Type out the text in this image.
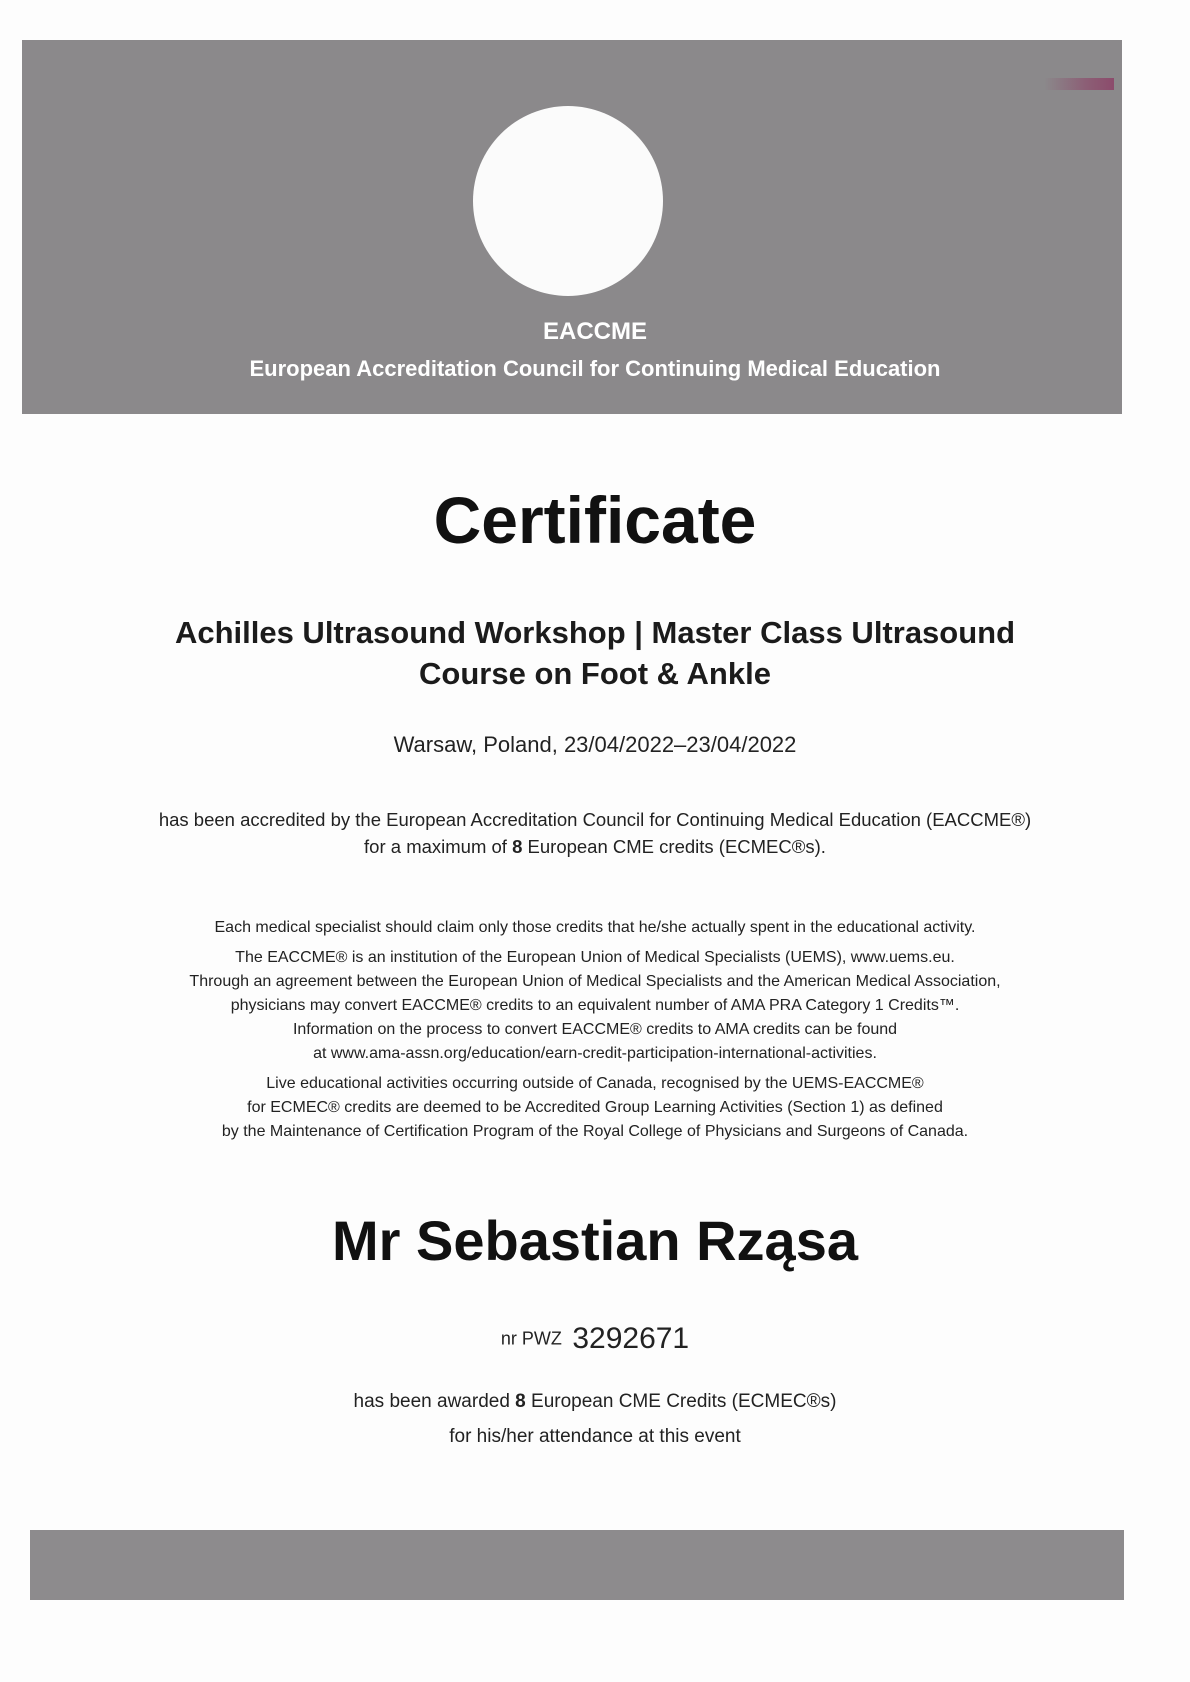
EACCME
European Accreditation Council for Continuing Medical Education
Certificate
Achilles Ultrasound Workshop | Master Class Ultrasound
Course on Foot & Ankle
Warsaw, Poland, 23/04/2022–23/04/2022
has been accredited by the European Accreditation Council for Continuing Medical Education (EACCME®)
for a maximum of 8 European CME credits (ECMEC®s).
Each medical specialist should claim only those credits that he/she actually spent in the educational activity.
The EACCME® is an institution of the European Union of Medical Specialists (UEMS), www.uems.eu.
Through an agreement between the European Union of Medical Specialists and the American Medical Association,
physicians may convert EACCME® credits to an equivalent number of AMA PRA Category 1 Credits™.
Information on the process to convert EACCME® credits to AMA credits can be found
at www.ama-assn.org/education/earn-credit-participation-international-activities.
Live educational activities occurring outside of Canada, recognised by the UEMS-EACCME®
for ECMEC® credits are deemed to be Accredited Group Learning Activities (Section 1) as defined
by the Maintenance of Certification Program of the Royal College of Physicians and Surgeons of Canada.
Mr Sebastian Rząsa
nr PWZ 3292671
has been awarded 8 European CME Credits (ECMEC®s)
for his/her attendance at this event
